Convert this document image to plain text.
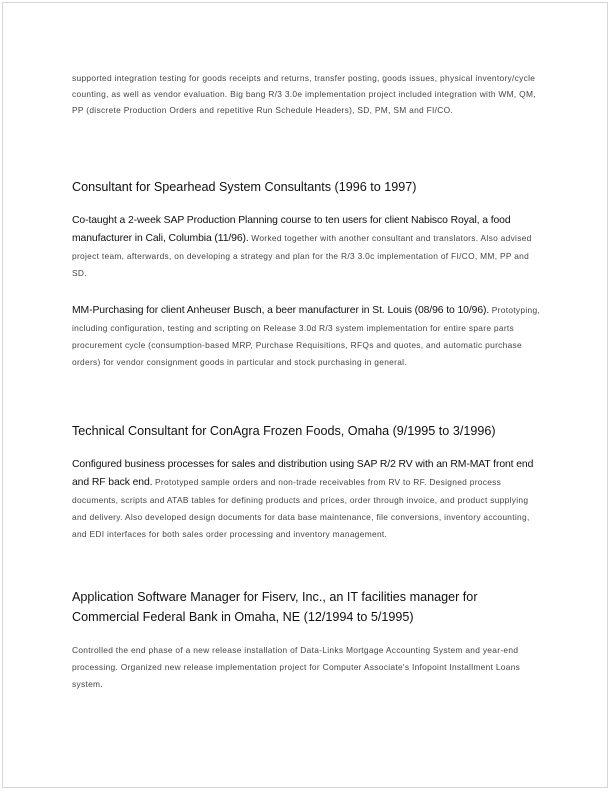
supported integration testing for goods receipts and returns, transfer posting, goods issues, physical inventory/cycle counting, as well as vendor evaluation. Big bang R/3 3.0e implementation project included integration with WM, QM, PP (discrete Production Orders and repetitive Run Schedule Headers), SD, PM, SM and FI/CO.

Consultant for Spearhead System Consultants (1996 to 1997)

Co-taught a 2-week SAP Production Planning course to ten users for client Nabisco Royal, a food manufacturer in Cali, Columbia (11/96). Worked together with another consultant and translators. Also advised project team, afterwards, on developing a strategy and plan for the R/3 3.0c implementation of FI/CO, MM, PP and SD.

MM-Purchasing for client Anheuser Busch, a beer manufacturer in St. Louis (08/96 to 10/96). Prototyping, including configuration, testing and scripting on Release 3.0d R/3 system implementation for entire spare parts procurement cycle (consumption-based MRP, Purchase Requisitions, RFQs and quotes, and automatic purchase orders) for vendor consignment goods in particular and stock purchasing in general.

Technical Consultant for ConAgra Frozen Foods, Omaha (9/1995 to 3/1996)

Configured business processes for sales and distribution using SAP R/2 RV with an RM-MAT front end and RF back end. Prototyped sample orders and non-trade receivables from RV to RF. Designed process documents, scripts and ATAB tables for defining products and prices, order through invoice, and product supplying and delivery. Also developed design documents for data base maintenance, file conversions, inventory accounting, and EDI interfaces for both sales order processing and inventory management.

Application Software Manager for Fiserv, Inc., an IT facilities manager for Commercial Federal Bank in Omaha, NE (12/1994 to 5/1995)

Controlled the end phase of a new release installation of Data-Links Mortgage Accounting System and year-end processing. Organized new release implementation project for Computer Associate's Infopoint Installment Loans system.
